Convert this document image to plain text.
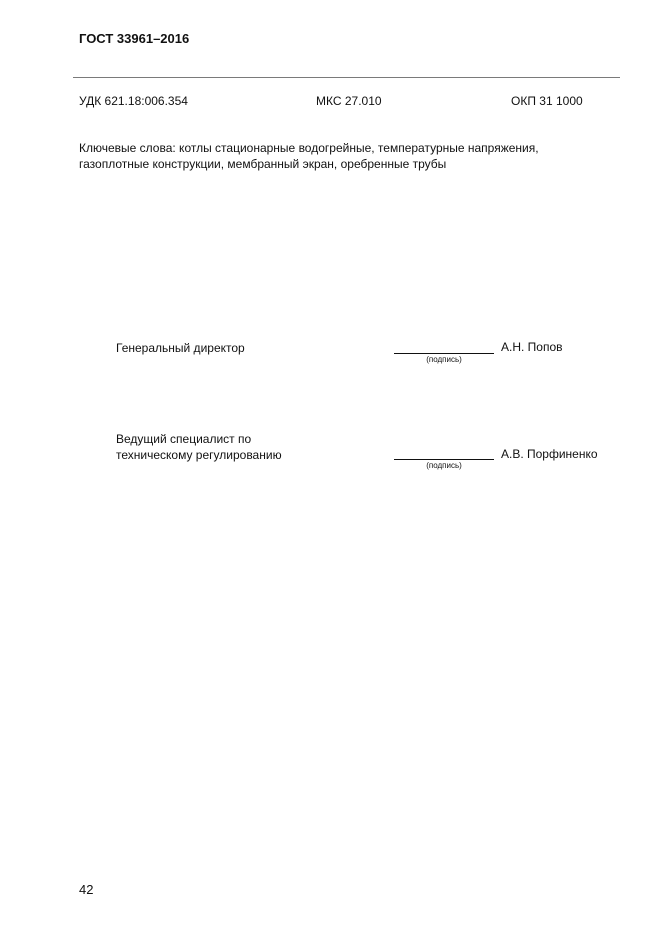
ГОСТ 33961–2016
УДК 621.18:006.354	МКС 27.010	ОКП 31 1000
Ключевые слова: котлы стационарные водогрейные, температурные напряжения, газоплотные конструкции, мембранный экран, оребренные трубы
Генеральный директор
(подпись)
А.Н. Попов
Ведущий специалист по
техническому регулированию
(подпись)
А.В. Порфиненко
42
